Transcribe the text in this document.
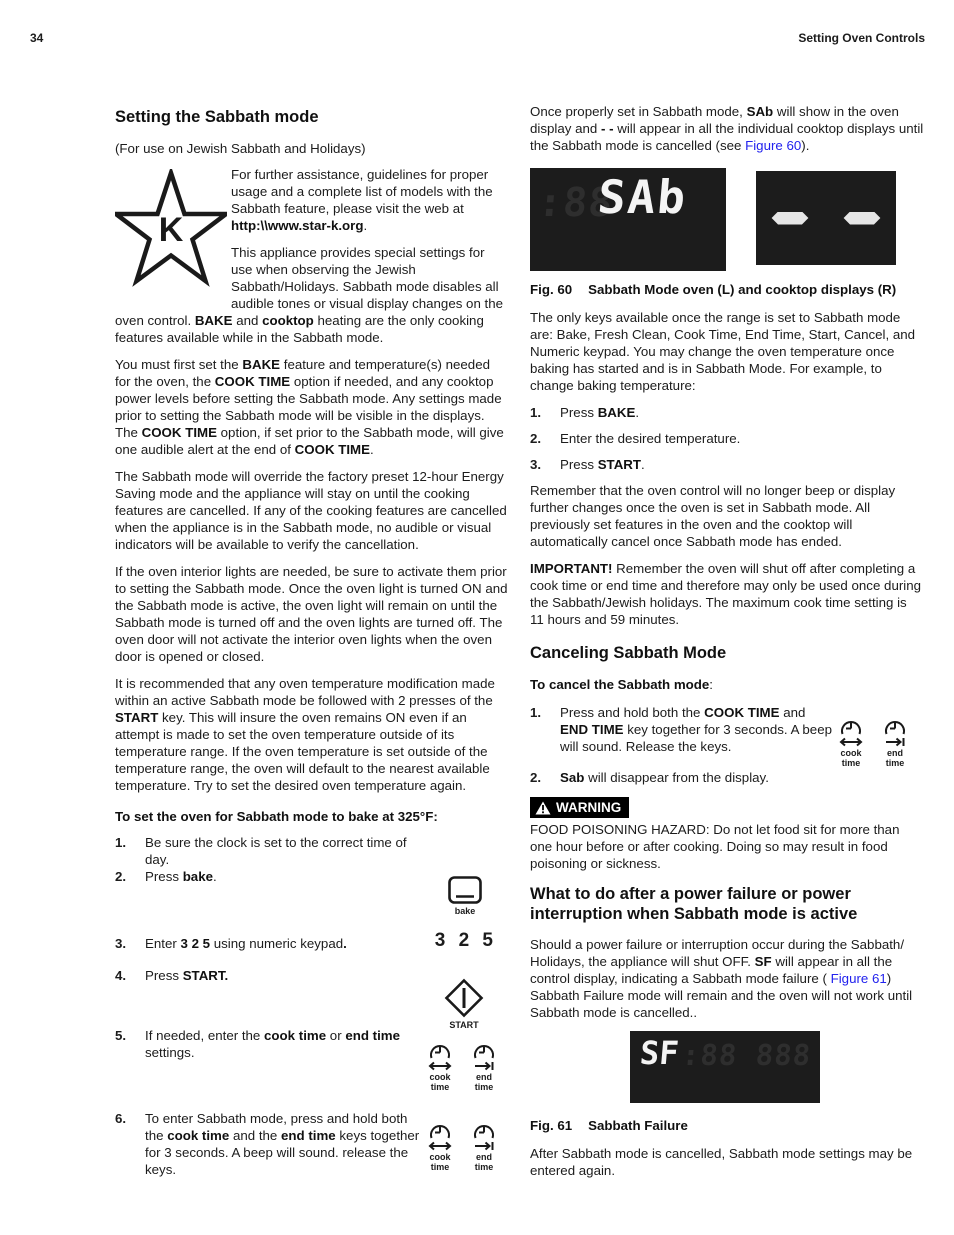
34	Setting Oven Controls
Setting the Sabbath mode
(For use on Jewish Sabbath and Holidays)
K

For further assistance, guidelines for proper usage and a complete list of models with the Sabbath feature, please visit the web at http:\\www.star-k.org.

This appliance provides special settings for use when observing the Jewish Sabbath/Holidays. Sabbath mode disables all audible tones or visual display changes on the oven control. BAKE and cooktop heating are the only cooking features available while in the Sabbath mode.

You must first set the BAKE feature and temperature(s) needed for the oven, the COOK TIME option if needed, and any cooktop power levels before setting the Sabbath mode. Any settings made prior to setting the Sabbath mode will be visible in the displays. The COOK TIME option, if set prior to the Sabbath mode, will give one audible alert at the end of COOK TIME.

The Sabbath mode will override the factory preset 12-hour Energy Saving mode and the appliance will stay on until the cooking features are cancelled. If any of the cooking features are cancelled when the appliance is in the Sabbath mode, no audible or visual indicators will be available to verify the cancellation.

If the oven interior lights are needed, be sure to activate them prior to setting the Sabbath mode. Once the oven light is turned ON and the Sabbath mode is active, the oven light will remain on until the Sabbath mode is turned off and the oven lights are turned off. The oven door will not activate the interior oven lights when the oven door is opened or closed.

It is recommended that any oven temperature modification made within an active Sabbath mode be followed with 2 presses of the START key. This will insure the oven remains ON even if an attempt is made to set the oven temperature outside of its temperature range. If the oven temperature is set outside of the temperature range, the oven will default to the nearest available temperature. Try to set the desired oven temperature again.

To set the oven for Sabbath mode to bake at 325°F:
1.	Be sure the clock is set to the correct time of day.
2.	Press bake.
bake
3.	Enter 3 2 5 using numeric keypad.	3 2 5
4.	Press START.
START
5.	If needed, enter the cook time or end time settings.
cook
time
end
time
6.	To enter Sabbath mode, press and hold both the cook time and the end time keys together for 3 seconds. A beep will sound. release the keys.
cook
time
end
time

Once properly set in Sabbath mode, SAb will show in the oven display and - - will appear in all the individual cooktop displays until the Sabbath mode is cancelled (see Figure 60).

:88
SAb
Fig. 60 Sabbath Mode oven (L) and cooktop displays (R)

The only keys available once the range is set to Sabbath mode are: Bake, Fresh Clean, Cook Time, End Time, Start, Cancel, and Numeric keypad. You may change the oven temperature once baking has started and is in Sabbath Mode. For example, to change baking temperature:

1.	Press BAKE.
2.	Enter the desired temperature.
3.	Press START.

Remember that the oven control will no longer beep or display further changes once the oven is set in Sabbath mode. All previously set features in the oven and the cooktop will automatically cancel once Sabbath mode has ended.

IMPORTANT! Remember the oven will shut off after completing a cook time or end time and therefore may only be used once during the Sabbath/Jewish holidays. The maximum cook time setting is 11 hours and 59 minutes.

Canceling Sabbath Mode
To cancel the Sabbath mode:
1.	Press and hold both the COOK TIME and END TIME key together for 3 seconds. A beep will sound. Release the keys.	cook
time
end
time
2.	Sab will disappear from the display.
WARNING

FOOD POISONING HAZARD: Do not let food sit for more than one hour before or after cooking. Doing so may result in food poisoning or sickness.

What to do after a power failure or power interruption when Sabbath mode is active

Should a power failure or interruption occur during the Sabbath/ Holidays, the appliance will shut OFF. SF will appear in all the control display, indicating a Sabbath mode failure ( Figure 61) Sabbath Failure mode will remain and the oven will not work until Sabbath mode is cancelled..

SF :88 888
Fig. 61 Sabbath Failure

After Sabbath mode is cancelled, Sabbath mode settings may be entered again.
